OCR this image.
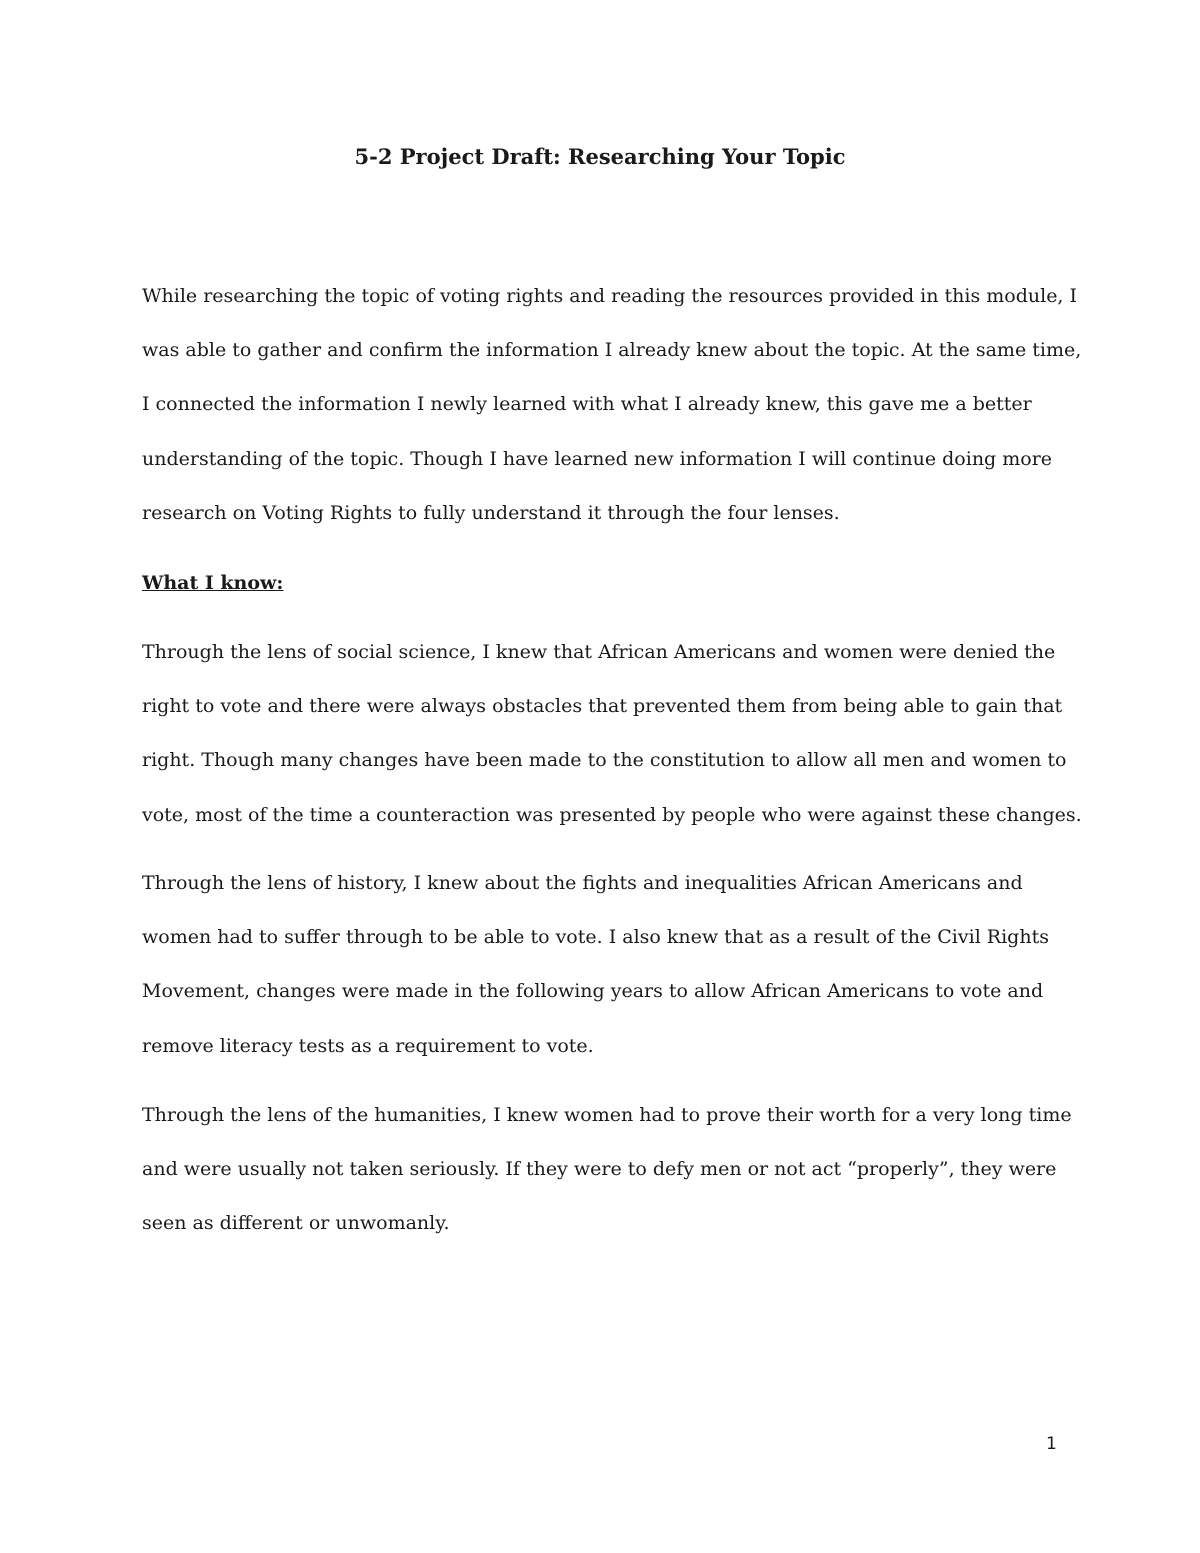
5-2 Project Draft: Researching Your Topic

While researching the topic of voting rights and reading the resources provided in this module, I

was able to gather and confirm the information I already knew about the topic. At the same time,

I connected the information I newly learned with what I already knew, this gave me a better

understanding of the topic. Though I have learned new information I will continue doing more

research on Voting Rights to fully understand it through the four lenses.

What I know:

Through the lens of social science, I knew that African Americans and women were denied the

right to vote and there were always obstacles that prevented them from being able to gain that

right. Though many changes have been made to the constitution to allow all men and women to

vote, most of the time a counteraction was presented by people who were against these changes.

Through the lens of history, I knew about the fights and inequalities African Americans and

women had to suffer through to be able to vote. I also knew that as a result of the Civil Rights

Movement, changes were made in the following years to allow African Americans to vote and

remove literacy tests as a requirement to vote.

Through the lens of the humanities, I knew women had to prove their worth for a very long time

and were usually not taken seriously. If they were to defy men or not act “properly”, they were

seen as different or unwomanly.

1
